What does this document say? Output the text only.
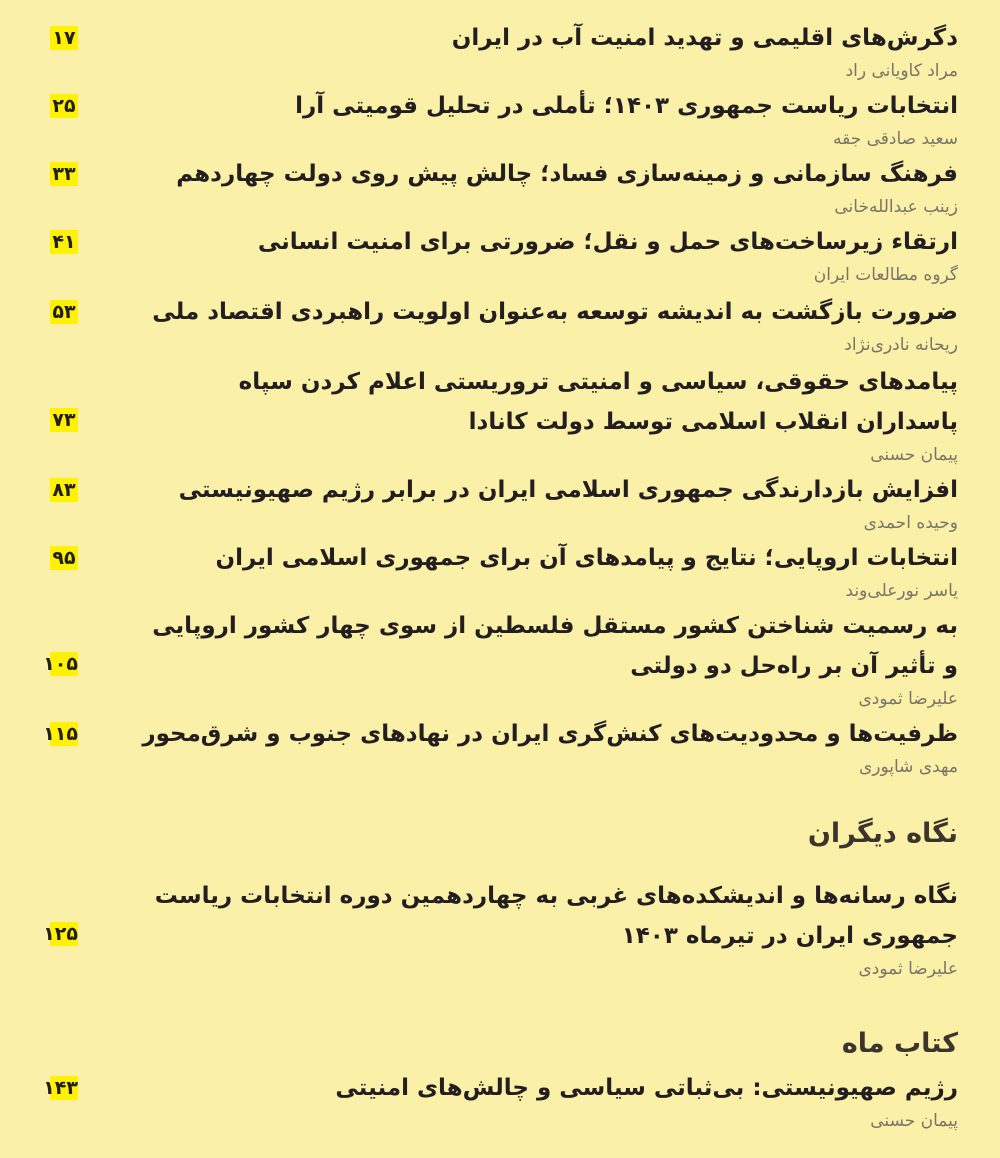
دگرش‌های اقلیمی و تهدید امنیت آب در ایران

مراد کاویانی راد

۱۷

انتخابات ریاست جمهوری ۱۴۰۳؛ تأملی در تحلیل قومیتی آرا

سعید صادقی جقه

۲۵

فرهنگ سازمانی و زمینه‌سازی فساد؛ چالش پیش روی دولت چهاردهم

زینب عبدالله‌خانی

۳۳

ارتقاء زیرساخت‌های حمل و نقل؛ ضرورتی برای امنیت انسانی

گروه مطالعات ایران

۴۱

ضرورت بازگشت به اندیشه توسعه به‌عنوان اولویت راهبردی اقتصاد ملی

ریحانه نادری‌نژاد

۵۳

پیامدهای حقوقی، سیاسی و امنیتی تروریستی اعلام کردن سپاه پاسداران انقلاب اسلامی توسط دولت کانادا

پیمان حسنی

۷۳

افزایش بازدارندگی جمهوری اسلامی ایران در برابر رژیم صهیونیستی

وحیده احمدی

۸۳

انتخابات اروپایی؛ نتایج و پیامدهای آن برای جمهوری اسلامی ایران

یاسر نورعلی‌وند

۹۵

به رسمیت شناختن کشور مستقل فلسطین از سوی چهار کشور اروپایی و تأثیر آن بر راه‌حل دو دولتی

علیرضا ثمودی

۱۰۵

ظرفیت‌ها و محدودیت‌های کنش‌گری ایران در نهادهای جنوب و شرق‌محور

مهدی شاپوری

۱۱۵

نگاه دیگران

نگاه رسانه‌ها و اندیشکده‌های غربی به چهاردهمین دوره انتخابات ریاست جمهوری ایران در تیرماه ۱۴۰۳

علیرضا ثمودی

۱۲۵

کتاب ماه

رژیم صهیونیستی: بی‌ثباتی سیاسی و چالش‌های امنیتی

پیمان حسنی

۱۴۳
